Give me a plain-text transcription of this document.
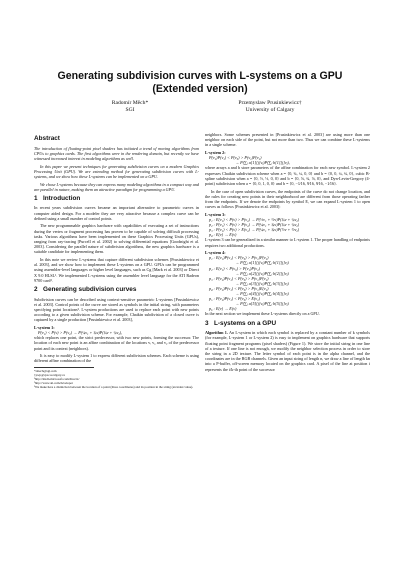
Generating subdivision curves with L-systems on a GPU
(Extended version)
Radomír Měch*
SGI
Przemyslaw Prusinkiewicz†
University of Calgary
Abstract

The introduction of floating-point pixel shaders has initiated a trend of moving algorithms from CPUs to graphics cards. The first algorithms were in the rendering domain, but recently we have witnessed increased interest in modeling algorithms as well.

In this paper we present techniques for generating subdivision curves on a modern Graphics Processing Unit (GPU). We are extending method for generating subdivision curves with L-systems, and we show how these L-systems can be implemented on a GPU.

We chose L-systems because they can express many modeling algorithms in a compact way and are parallel in nature, making them an attractive paradigm for programming a GPU.

1 Introduction

In recent years subdivision curves became an important alternative to parametric curves in computer aided design. For a modeler they are very attractive because a complex curve can be defined using a small number of control points.

The new programmable graphics hardware with capabilities of executing a set of instructions during the vertex or fragment processing has proven to be capable of solving difficult processing tasks. Various algorithms have been implemented on these Graphics Processing Units (GPUs), ranging from ray-tracing [Purcell et al. 2002] to solving differential equations [Goodnight et al. 2003]. Considering the parallel nature of subdivision algorithms, the new graphics hardware is a suitable candidate for implementing them.

In this note we review L-systems that capture different subdivision schemes [Prusinkiewicz et al. 2003], and we show how to implement these L-systems on a GPU. GPUs can be programmed using assembler-level languages or higher level languages, such as Cg [Mark et al. 2003] or Direct X 9.0 HLSL¹. We implemented L-systems using the assembler level language for the ATI Radeon 9700 card².

2 Generating subdivision curves

Subdivision curves can be described using context-sensitive parametric L-systems [Prusinkiewicz et al. 2003]. Control points of the curve are stored as symbols in the initial string, with parameters specifying point locations³. L-system productions are used to replace each point with new points according to a given subdivision scheme. For example, Chaikin subdivision of a closed curve is captured by a single production [Prusinkiewicz et al. 2003],

L-system 1:
P(v₁) < P(v) > P(v₂) → P(¼v₁ + ¾v)P(¾v + ¼v₂),

which replaces one point, the strict predecessor, with two new points, forming the successor. The location of each new point is an affine combination of the locations v, v₁ and v₂ of the predecessor point and its context (neighbors).

It is easy to modify L-system 1 to express different subdivision schemes. Each scheme is using different affine combination of the

*rmech@sgi.com
†pwp@cpsc.ucalgary.ca
¹http://msdn.microsoft.com/directx/
²http://www.ati.com/developer
³We make here a distinction between the location of a point (three coordinates) and its position in the string (an index value).

neighbors. Some schemes presented in [Prusinkiewicz et al. 2003] are using more than one neighbor on each side of the point, but not more than two. Thus we can combine these L-systems in a single scheme.

L-system 2:
P(v₂)P(v₁) < P(v₀) > P(v₁)P(v₂)
→ P(∑ⱼ a[1][j]vⱼ)P(∑ⱼ b[1][j]vⱼ),

where arrays a and b store parameters of the affine combination for each new symbol. L-system 2 expresses Chaikin subdivision scheme when a = {0, ¾, ¼, 0, 0} and b = {0, 0, ¼, ¾, 0}, cubic B-spline subdivision when a = {0, ½, ½, 0, 0} and b = {0, ⅛, ¾, ⅛, 0}, and Dyn-Levin-Gregory (4-point) subdivision when a = {0, 0, 1, 0, 0} and b = {0, −1⁄16, 9⁄16, 9⁄16, −1⁄16}.

In the case of open subdivision curves, the endpoints of the curve do not change location, and the rules for creating new points in their neighborhood are different from those operating farther from the endpoints. If we denote the endpoints by symbol E, we can expand L-system 1 to open curves as follows [Prusinkiewicz et al. 2003]:

L-system 3:
p₁ : E(v₁) < P(v) > P(v₂) → P(½v₁ + ½v)P(¾v + ¼v₂)
p₂ : P(v₁) < P(v) > P(v₂) → P(¼v₁ + ¾v)P(¾v + ¼v₂)
p₃ : P(v₁) < P(v) > E(v₂) → P(¼v₁ + ¾v)P(½v + ½v₂)
p₄ : E(v) → E(v)

L-system 3 can be generalized in a similar manner to L-system 1. The proper handling of endpoints requires two additional productions.

L-system 4:
p₁ : E(v₁)P(v₁) < P(v₀) > P(v₁)P(v₂)
→ P(∑ⱼ a[1][j]vⱼ)P(∑ⱼ b[1][j]vⱼ)
p₂ : E(v₁) < P(v₀) > P(v₁)P(v₂)
→ P(∑ⱼ a[2][j]vⱼ)P(∑ⱼ b[2][j]vⱼ)
p₃ : P(v₂)P(v₁) < P(v₀) > P(v₁)P(v₂)
→ P(∑ⱼ a[3][j]vⱼ)P(∑ⱼ b[3][j]vⱼ)
p₄ : P(v₂)P(v₁) < P(v₀) > P(v₁)E(v₂)
→ P(∑ⱼ a[4][j]vⱼ)P(∑ⱼ b[4][j]vⱼ)
p₅ : P(v₂)P(v₁) < P(v₀) > E(v₁)
→ P(∑ⱼ a[5][j]vⱼ)P(∑ⱼ b[5][j]vⱼ)
p₆ : E(v) → E(v)

In the next section we implement these L-systems directly on a GPU.

3 L-systems on a GPU

Algorithm 1. An L-system in which each symbol is replaced by a constant number of k symbols (for example, L-system 1 or L-system 2) is easy to implement on graphics hardware that supports floating point fragment programs (pixel shaders) (Figure 1). We store the initial string in one line of a texture. If one line is not enough, we modify the neighbor selection process in order to store the string in a 2D texture. The letter symbol of each point is in the alpha channel, and the coordinates are in the RGB channels. Given an input string of length n, we draw a line of length kn into a P-buffer, off-screen memory located on the graphics card. A pixel of the line at position i represents the i/k-th point of the successor
